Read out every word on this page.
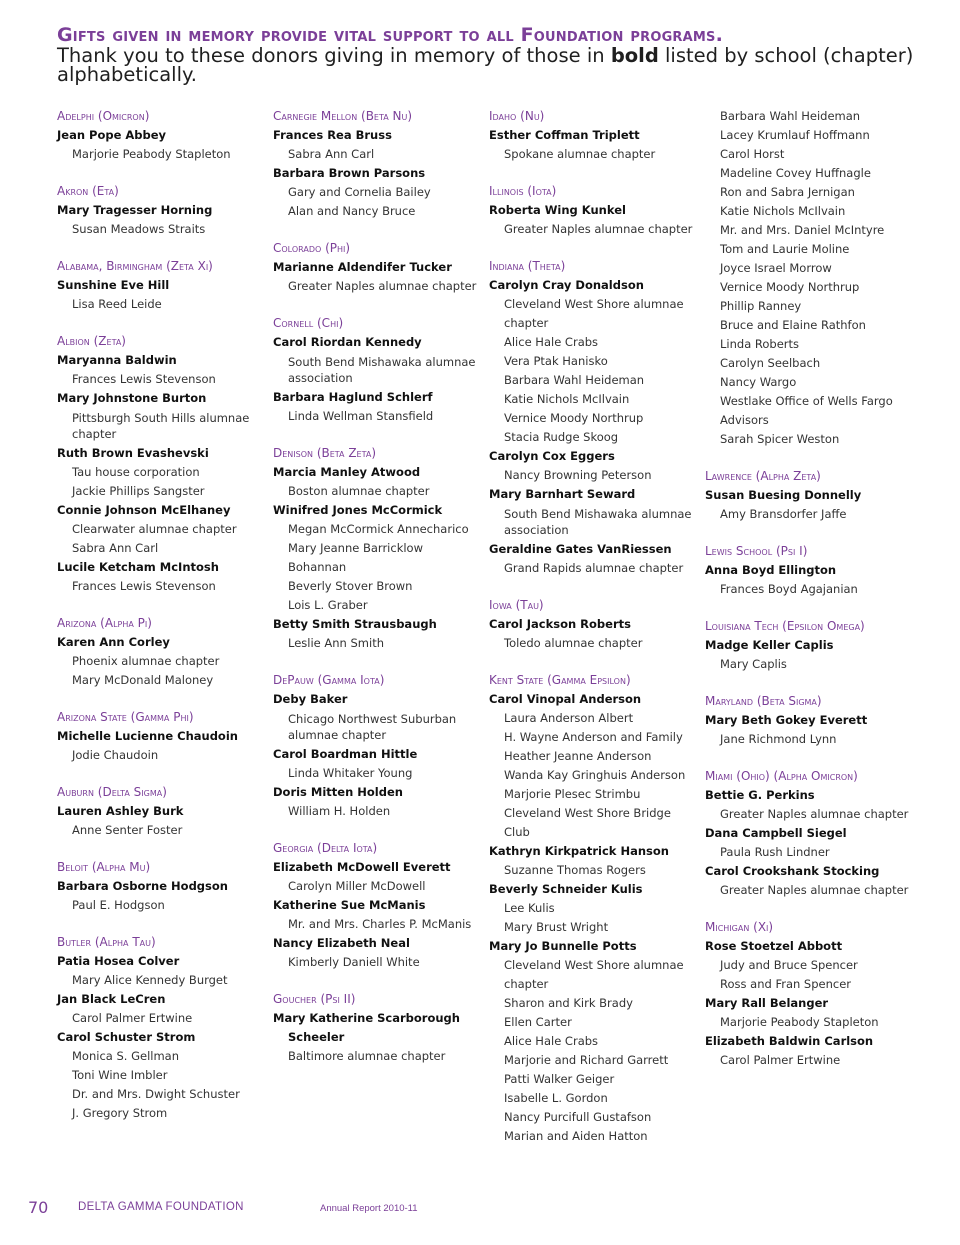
Gifts given in memory provide vital support to all Foundation programs.
Thank you to these donors giving in memory of those in bold listed by school (chapter) alphabetically.
Adelphi (Omicron)
Jean Pope Abbey
Marjorie Peabody Stapleton
Akron (Eta)
Mary Tragesser Horning
Susan Meadows Straits
Alabama, Birmingham (Zeta Xi)
Sunshine Eve Hill
Lisa Reed Leide
Albion (Zeta)
Maryanna Baldwin
Frances Lewis Stevenson
Mary Johnstone Burton
Pittsburgh South Hills alumnae chapter
Ruth Brown Evashevski
Tau house corporation
Jackie Phillips Sangster
Connie Johnson McElhaney
Clearwater alumnae chapter
Sabra Ann Carl
Lucile Ketcham McIntosh
Frances Lewis Stevenson
Arizona (Alpha Pi)
Karen Ann Corley
Phoenix alumnae chapter
Mary McDonald Maloney
Arizona State (Gamma Phi)
Michelle Lucienne Chaudoin
Jodie Chaudoin
Auburn (Delta Sigma)
Lauren Ashley Burk
Anne Senter Foster
Beloit (Alpha Mu)
Barbara Osborne Hodgson
Paul E. Hodgson
Butler (Alpha Tau)
Patia Hosea Colver
Mary Alice Kennedy Burget
Jan Black LeCren
Carol Palmer Ertwine
Carol Schuster Strom
Monica S. Gellman
Toni Wine Imbler
Dr. and Mrs. Dwight Schuster
J. Gregory Strom
Carnegie Mellon (Beta Nu)
Frances Rea Bruss
Sabra Ann Carl
Barbara Brown Parsons
Gary and Cornelia Bailey
Alan and Nancy Bruce
Colorado (Phi)
Marianne Aldendifer Tucker
Greater Naples alumnae chapter
Cornell (Chi)
Carol Riordan Kennedy
South Bend Mishawaka alumnae association
Barbara Haglund Schlerf
Linda Wellman Stansfield
Denison (Beta Zeta)
Marcia Manley Atwood
Boston alumnae chapter
Winifred Jones McCormick
Megan McCormick Annecharico
Mary Jeanne Barricklow Bohannan
Beverly Stover Brown
Lois L. Graber
Betty Smith Strausbaugh
Leslie Ann Smith
DePauw (Gamma Iota)
Deby Baker
Chicago Northwest Suburban alumnae chapter
Carol Boardman Hittle
Linda Whitaker Young
Doris Mitten Holden
William H. Holden
Georgia (Delta Iota)
Elizabeth McDowell Everett
Carolyn Miller McDowell
Katherine Sue McManis
Mr. and Mrs. Charles P. McManis
Nancy Elizabeth Neal
Kimberly Daniell White
Goucher (Psi II)
Mary Katherine Scarborough
Scheeler
Baltimore alumnae chapter
Idaho (Nu)
Esther Coffman Triplett
Spokane alumnae chapter
Illinois (Iota)
Roberta Wing Kunkel
Greater Naples alumnae chapter
Indiana (Theta)
Carolyn Cray Donaldson
Cleveland West Shore alumnae
chapter
Alice Hale Crabs
Vera Ptak Hanisko
Barbara Wahl Heideman
Katie Nichols McIlvain
Vernice Moody Northrup
Stacia Rudge Skoog
Carolyn Cox Eggers
Nancy Browning Peterson
Mary Barnhart Seward
South Bend Mishawaka alumnae association
Geraldine Gates VanRiessen
Grand Rapids alumnae chapter
Iowa (Tau)
Carol Jackson Roberts
Toledo alumnae chapter
Kent State (Gamma Epsilon)
Carol Vinopal Anderson
Laura Anderson Albert
H. Wayne Anderson and Family
Heather Jeanne Anderson
Wanda Kay Gringhuis Anderson
Marjorie Plesec Strimbu
Cleveland West Shore Bridge Club
Kathryn Kirkpatrick Hanson
Suzanne Thomas Rogers
Beverly Schneider Kulis
Lee Kulis
Mary Brust Wright
Mary Jo Bunnelle Potts
Cleveland West Shore alumnae
chapter
Sharon and Kirk Brady
Ellen Carter
Alice Hale Crabs
Marjorie and Richard Garrett
Patti Walker Geiger
Isabelle L. Gordon
Nancy Purcifull Gustafson
Marian and Aiden Hatton
Barbara Wahl Heideman
Lacey Krumlauf Hoffmann
Carol Horst
Madeline Covey Huffnagle
Ron and Sabra Jernigan
Katie Nichols McIlvain
Mr. and Mrs. Daniel McIntyre
Tom and Laurie Moline
Joyce Israel Morrow
Vernice Moody Northrup
Phillip Ranney
Bruce and Elaine Rathfon
Linda Roberts
Carolyn Seelbach
Nancy Wargo
Westlake Office of Wells Fargo
Advisors
Sarah Spicer Weston
Lawrence (Alpha Zeta)
Susan Buesing Donnelly
Amy Bransdorfer Jaffe
Lewis School (Psi I)
Anna Boyd Ellington
Frances Boyd Agajanian
Louisiana Tech (Epsilon Omega)
Madge Keller Caplis
Mary Caplis
Maryland (Beta Sigma)
Mary Beth Gokey Everett
Jane Richmond Lynn
Miami (Ohio) (Alpha Omicron)
Bettie G. Perkins
Greater Naples alumnae chapter
Dana Campbell Siegel
Paula Rush Lindner
Carol Crookshank Stocking
Greater Naples alumnae chapter
Michigan (Xi)
Rose Stoetzel Abbott
Judy and Bruce Spencer
Ross and Fran Spencer
Mary Rall Belanger
Marjorie Peabody Stapleton
Elizabeth Baldwin Carlson
Carol Palmer Ertwine
70	DELTA GAMMA FOUNDATION	Annual Report 2010-11
